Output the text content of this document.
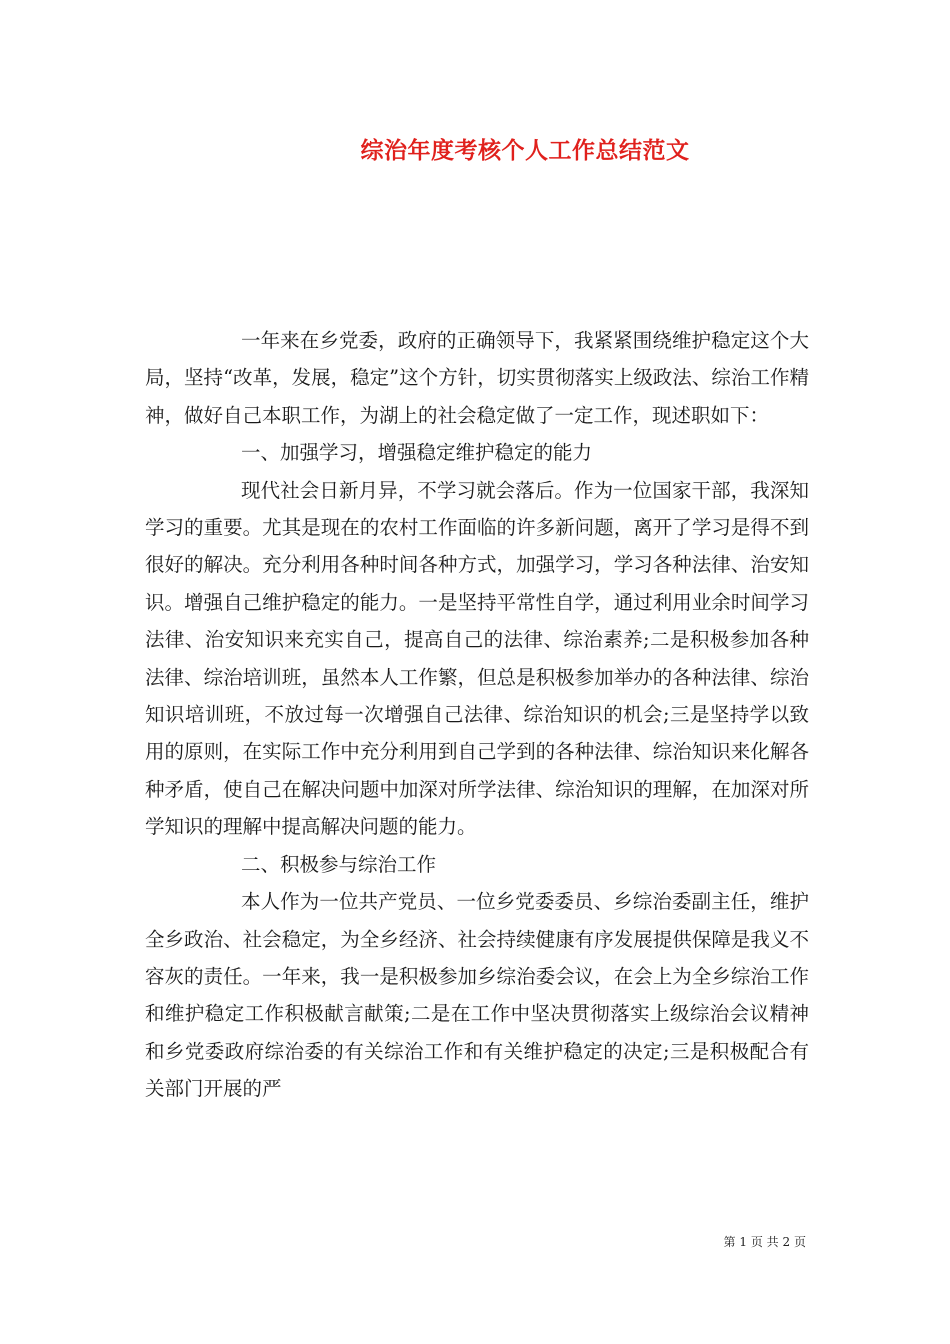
综治年度考核个人工作总结范文

一年来在乡党委，政府的正确领导下，我紧紧围绕维护稳定这个大局，坚持“改革，发展，稳定”这个方针，切实贯彻落实上级政法、综治工作精神，做好自己本职工作，为湖上的社会稳定做了一定工作，现述职如下：

一、加强学习，增强稳定维护稳定的能力

现代社会日新月异，不学习就会落后。作为一位国家干部，我深知学习的重要。尤其是现在的农村工作面临的许多新问题，离开了学习是得不到很好的解决。充分利用各种时间各种方式，加强学习，学习各种法律、治安知识。增强自己维护稳定的能力。一是坚持平常性自学，通过利用业余时间学习法律、治安知识来充实自己，提高自己的法律、综治素养;二是积极参加各种法律、综治培训班，虽然本人工作繁，但总是积极参加举办的各种法律、综治知识培训班，不放过每一次增强自己法律、综治知识的机会;三是坚持学以致用的原则，在实际工作中充分利用到自己学到的各种法律、综治知识来化解各种矛盾，使自己在解决问题中加深对所学法律、综治知识的理解，在加深对所学知识的理解中提高解决问题的能力。

二、积极参与综治工作

本人作为一位共产党员、一位乡党委委员、乡综治委副主任，维护全乡政治、社会稳定，为全乡经济、社会持续健康有序发展提供保障是我义不容灰的责任。一年来，我一是积极参加乡综治委会议，在会上为全乡综治工作和维护稳定工作积极献言献策;二是在工作中坚决贯彻落实上级综治会议精神和乡党委政府综治委的有关综治工作和有关维护稳定的决定;三是积极配合有关部门开展的严

第 1 页 共 2 页
